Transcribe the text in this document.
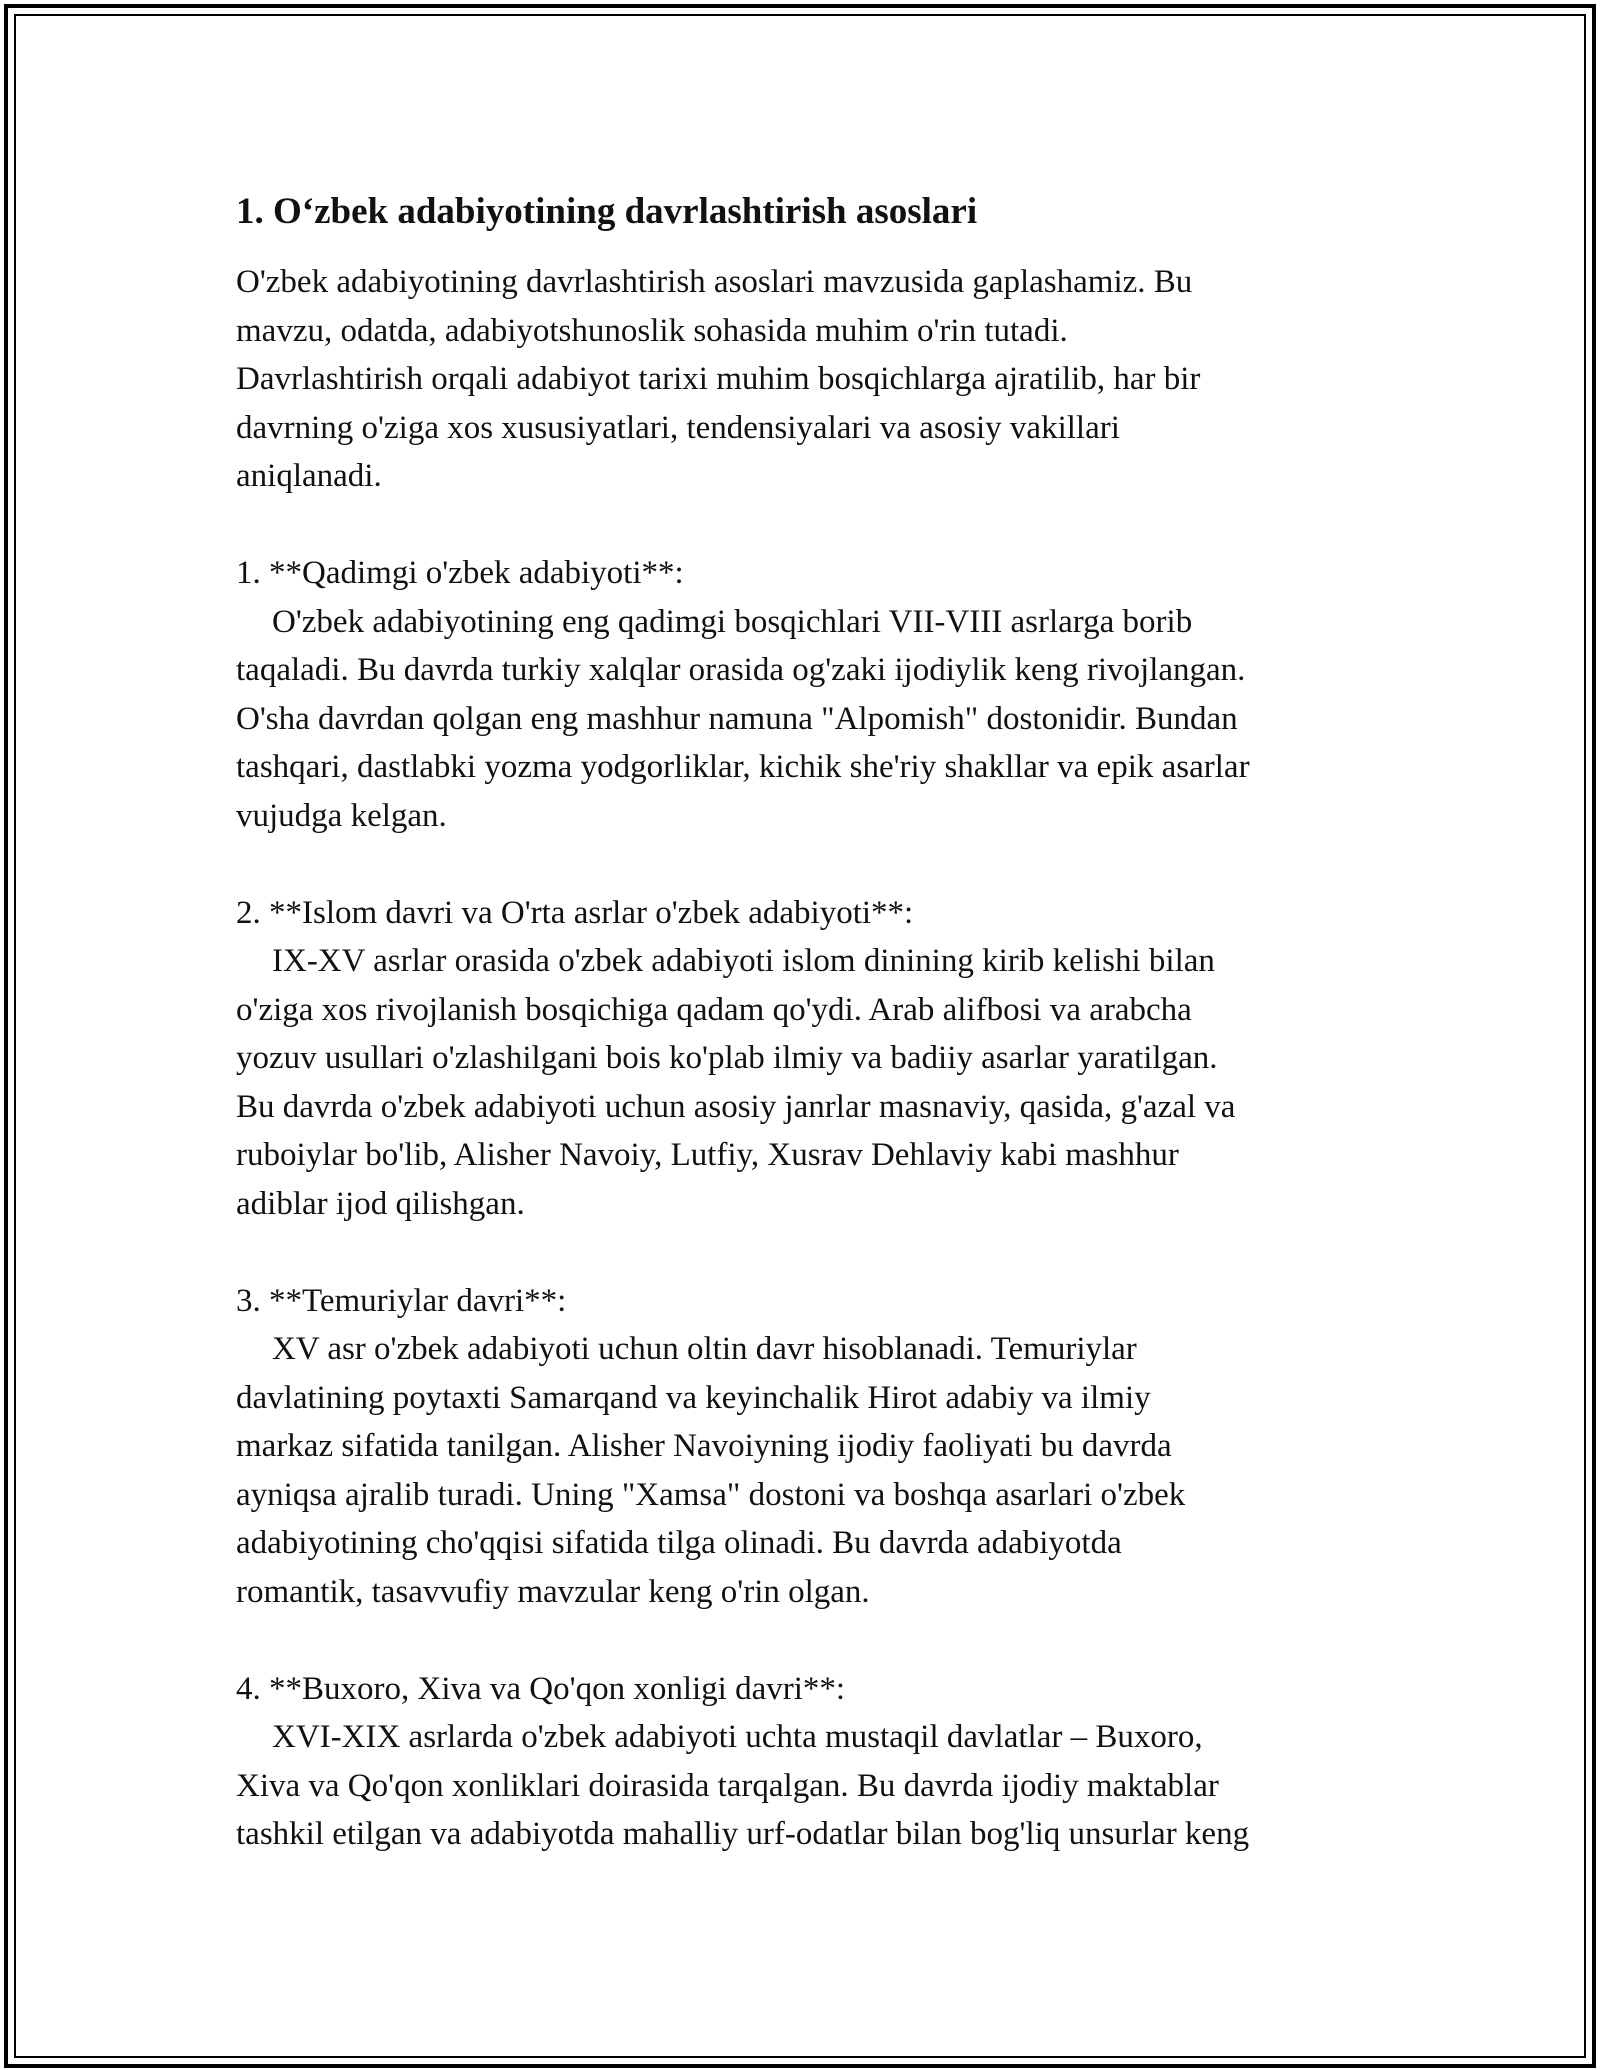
1. O‘zbek adabiyotining davrlashtirish asoslari
O'zbek adabiyotining davrlashtirish asoslari mavzusida gaplashamiz. Bu
mavzu, odatda, adabiyotshunoslik sohasida muhim o'rin tutadi.
Davrlashtirish orqali adabiyot tarixi muhim bosqichlarga ajratilib, har bir
davrning o'ziga xos xususiyatlari, tendensiyalari va asosiy vakillari
aniqlanadi.
1. **Qadimgi o'zbek adabiyoti**:
O'zbek adabiyotining eng qadimgi bosqichlari VII-VIII asrlarga borib
taqaladi. Bu davrda turkiy xalqlar orasida og'zaki ijodiylik keng rivojlangan.
O'sha davrdan qolgan eng mashhur namuna "Alpomish" dostonidir. Bundan
tashqari, dastlabki yozma yodgorliklar, kichik she'riy shakllar va epik asarlar
vujudga kelgan.
2. **Islom davri va O'rta asrlar o'zbek adabiyoti**:
IX-XV asrlar orasida o'zbek adabiyoti islom dinining kirib kelishi bilan
o'ziga xos rivojlanish bosqichiga qadam qo'ydi. Arab alifbosi va arabcha
yozuv usullari o'zlashilgani bois ko'plab ilmiy va badiiy asarlar yaratilgan.
Bu davrda o'zbek adabiyoti uchun asosiy janrlar masnaviy, qasida, g'azal va
ruboiylar bo'lib, Alisher Navoiy, Lutfiy, Xusrav Dehlaviy kabi mashhur
adiblar ijod qilishgan.
3. **Temuriylar davri**:
XV asr o'zbek adabiyoti uchun oltin davr hisoblanadi. Temuriylar
davlatining poytaxti Samarqand va keyinchalik Hirot adabiy va ilmiy
markaz sifatida tanilgan. Alisher Navoiyning ijodiy faoliyati bu davrda
ayniqsa ajralib turadi. Uning "Xamsa" dostoni va boshqa asarlari o'zbek
adabiyotining cho'qqisi sifatida tilga olinadi. Bu davrda adabiyotda
romantik, tasavvufiy mavzular keng o'rin olgan.
4. **Buxoro, Xiva va Qo'qon xonligi davri**:
XVI-XIX asrlarda o'zbek adabiyoti uchta mustaqil davlatlar – Buxoro,
Xiva va Qo'qon xonliklari doirasida tarqalgan. Bu davrda ijodiy maktablar
tashkil etilgan va adabiyotda mahalliy urf-odatlar bilan bog'liq unsurlar keng
